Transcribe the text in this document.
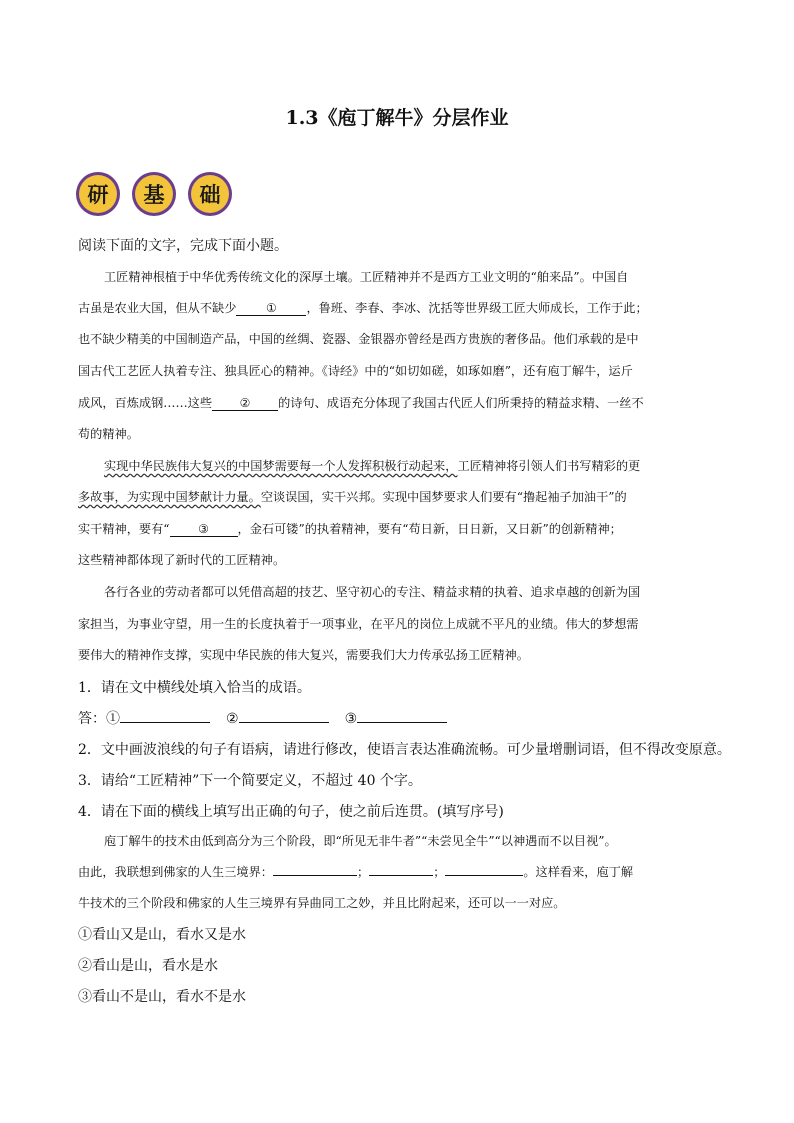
1.3《庖丁解牛》分层作业
研	基	础
阅读下面的文字，完成下面小题。
工匠精神根植于中华优秀传统文化的深厚土壤。工匠精神并不是西方工业文明的“舶来品”。中国自
古虽是农业大国，但从不缺少 ① ，鲁班、李春、李冰、沈括等世界级工匠大师成长，工作于此；
也不缺少精美的中国制造产品，中国的丝绸、瓷器、金银器亦曾经是西方贵族的奢侈品。他们承载的是中
国古代工艺匠人执着专注、独具匠心的精神。《诗经》中的“如切如磋，如琢如磨”，还有庖丁解牛，运斤
成风，百炼成钢……这些 ② 的诗句、成语充分体现了我国古代匠人们所秉持的精益求精、一丝不
苟的精神。
实现中华民族伟大复兴的中国梦需要每一个人发挥积极行动起来，工匠精神将引领人们书写精彩的更
多故事，为实现中国梦献计力量。空谈误国，实干兴邦。实现中国梦要求人们要有“撸起袖子加油干”的
实干精神，要有“ ③ ，金石可镂”的执着精神，要有“苟日新，日日新，又日新”的创新精神；
这些精神都体现了新时代的工匠精神。
各行各业的劳动者都可以凭借高超的技艺、坚守初心的专注、精益求精的执着、追求卓越的创新为国
家担当，为事业守望，用一生的长度执着于一项事业，在平凡的岗位上成就不平凡的业绩。伟大的梦想需
要伟大的精神作支撑，实现中华民族的伟大复兴，需要我们大力传承弘扬工匠精神。
1．请在文中横线处填入恰当的成语。
答：①	②	③
2．文中画波浪线的句子有语病，请进行修改，使语言表达准确流畅。可少量增删词语，但不得改变原意。
3．请给“工匠精神”下一个简要定义，不超过 40 个字。
4．请在下面的横线上填写出正确的句子，使之前后连贯。(填写序号)
庖丁解牛的技术由低到高分为三个阶段，即“所见无非牛者”“未尝见全牛”“以神遇而不以目视”。
由此，我联想到佛家的人生三境界：	；	；	。这样看来，庖丁解
牛技术的三个阶段和佛家的人生三境界有异曲同工之妙，并且比附起来，还可以一一对应。
①看山又是山，看水又是水
②看山是山，看水是水
③看山不是山，看水不是水
